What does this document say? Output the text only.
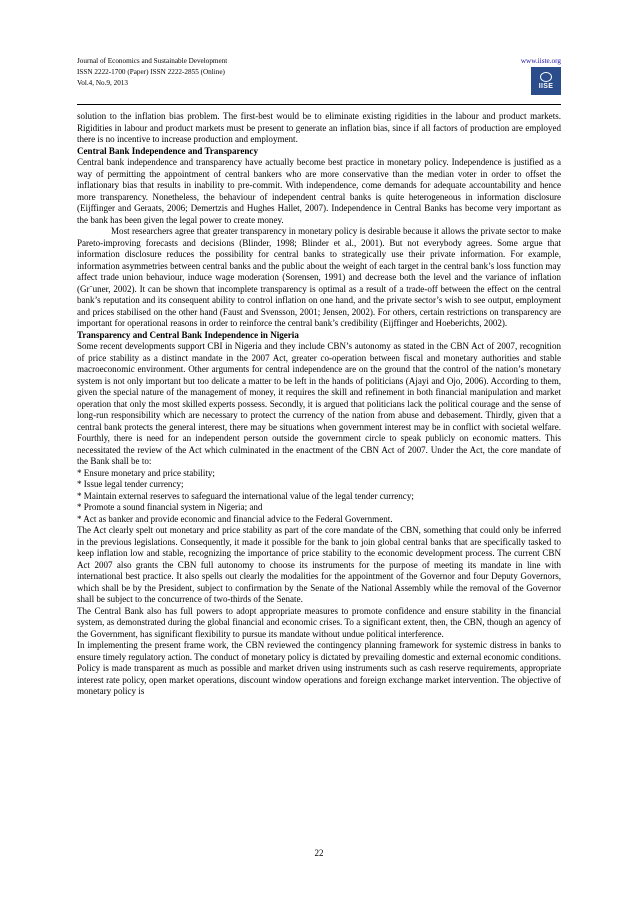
Journal of Economics and Sustainable Development
ISSN 2222-1700 (Paper) ISSN 2222-2855 (Online)
Vol.4, No.9, 2013
www.iiste.org
IISE

solution to the inflation bias problem. The first-best would be to eliminate existing rigidities in the labour and product markets. Rigidities in labour and product markets must be present to generate an inflation bias, since if all factors of production are employed there is no incentive to increase production and employment.

Central Bank Independence and Transparency

Central bank independence and transparency have actually become best practice in monetary policy. Independence is justified as a way of permitting the appointment of central bankers who are more conservative than the median voter in order to offset the inflationary bias that results in inability to pre-commit. With independence, come demands for adequate accountability and hence more transparency. Nonetheless, the behaviour of independent central banks is quite heterogeneous in information disclosure (Eijffinger and Geraats, 2006; Demertzis and Hughes Hallet, 2007). Independence in Central Banks has become very important as the bank has been given the legal power to create money.

Most researchers agree that greater transparency in monetary policy is desirable because it allows the private sector to make Pareto-improving forecasts and decisions (Blinder, 1998; Blinder et al., 2001). But not everybody agrees. Some argue that information disclosure reduces the possibility for central banks to strategically use their private information. For example, information asymmetries between central banks and the public about the weight of each target in the central bank’s loss function may affect trade union behaviour, induce wage moderation (Sorensen, 1991) and decrease both the level and the variance of inflation (Gr¨uner, 2002). It can be shown that incomplete transparency is optimal as a result of a trade-off between the effect on the central bank’s reputation and its consequent ability to control inflation on one hand, and the private sector’s wish to see output, employment and prices stabilised on the other hand (Faust and Svensson, 2001; Jensen, 2002). For others, certain restrictions on transparency are important for operational reasons in order to reinforce the central bank’s credibility (Eijffinger and Hoeberichts, 2002).

Transparency and Central Bank Independence in Nigeria

Some recent developments support CBI in Nigeria and they include CBN’s autonomy as stated in the CBN Act of 2007, recognition of price stability as a distinct mandate in the 2007 Act, greater co-operation between fiscal and monetary authorities and stable macroeconomic environment. Other arguments for central independence are on the ground that the control of the nation’s monetary system is not only important but too delicate a matter to be left in the hands of politicians (Ajayi and Ojo, 2006). According to them, given the special nature of the management of money, it requires the skill and refinement in both financial manipulation and market operation that only the most skilled experts possess. Secondly, it is argued that politicians lack the political courage and the sense of long-run responsibility which are necessary to protect the currency of the nation from abuse and debasement. Thirdly, given that a central bank protects the general interest, there may be situations when government interest may be in conflict with societal welfare. Fourthly, there is need for an independent person outside the government circle to speak publicly on economic matters. This necessitated the review of the Act which culminated in the enactment of the CBN Act of 2007. Under the Act, the core mandate of the Bank shall be to:

* Ensure monetary and price stability;

* Issue legal tender currency;

* Maintain external reserves to safeguard the international value of the legal tender currency;

* Promote a sound financial system in Nigeria; and

* Act as banker and provide economic and financial advice to the Federal Government.

The Act clearly spelt out monetary and price stability as part of the core mandate of the CBN, something that could only be inferred in the previous legislations. Consequently, it made it possible for the bank to join global central banks that are specifically tasked to keep inflation low and stable, recognizing the importance of price stability to the economic development process. The current CBN Act 2007 also grants the CBN full autonomy to choose its instruments for the purpose of meeting its mandate in line with international best practice. It also spells out clearly the modalities for the appointment of the Governor and four Deputy Governors, which shall be by the President, subject to confirmation by the Senate of the National Assembly while the removal of the Governor shall be subject to the concurrence of two-thirds of the Senate.

The Central Bank also has full powers to adopt appropriate measures to promote confidence and ensure stability in the financial system, as demonstrated during the global financial and economic crises. To a significant extent, then, the CBN, though an agency of the Government, has significant flexibility to pursue its mandate without undue political interference.

In implementing the present frame work, the CBN reviewed the contingency planning framework for systemic distress in banks to ensure timely regulatory action. The conduct of monetary policy is dictated by prevailing domestic and external economic conditions. Policy is made transparent as much as possible and market driven using instruments such as cash reserve requirements, appropriate interest rate policy, open market operations, discount window operations and foreign exchange market intervention. The objective of monetary policy is

22
